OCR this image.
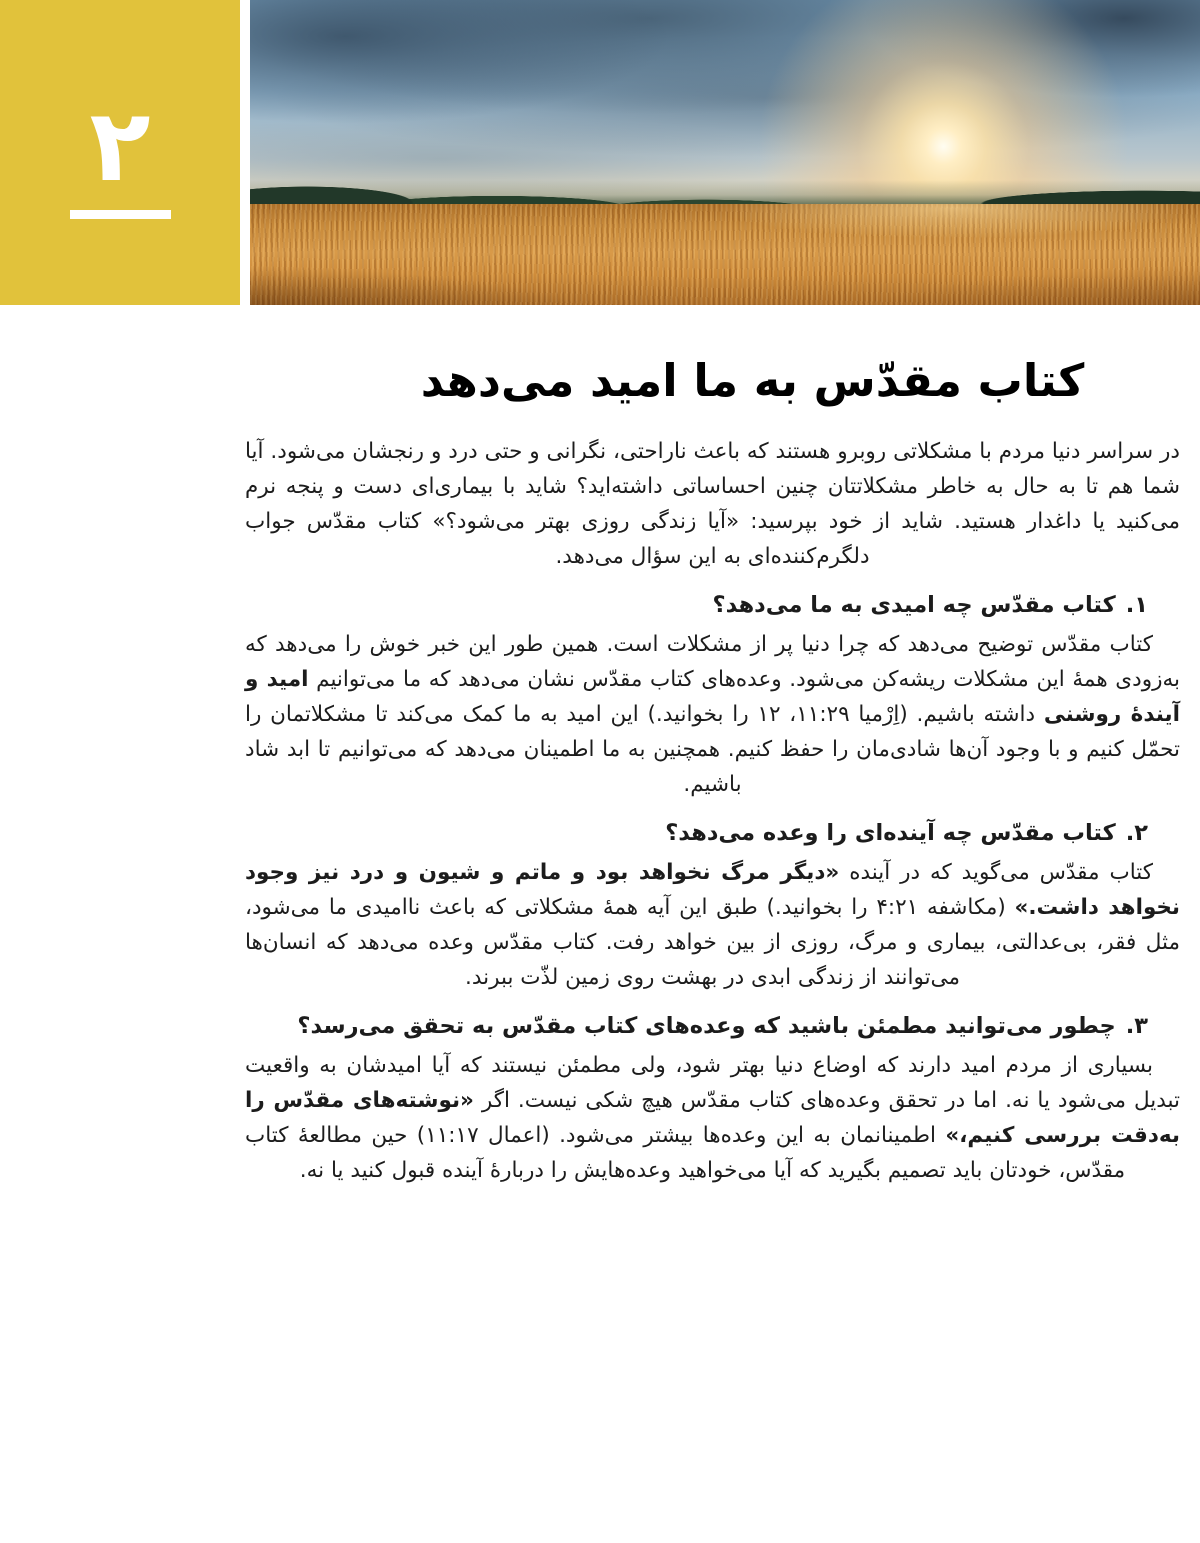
۲
کتاب مقدّس به ما امید می‌دهد

در سراسر دنیا مردم با مشکلاتی روبرو هستند که باعث ناراحتی، نگرانی و حتی درد و رنجشان می‌شود. آیا شما هم تا به حال به خاطر مشکلاتتان چنین احساساتی داشته‌اید؟ شاید با بیماری‌ای دست و پنجه نرم می‌کنید یا داغدار هستید. شاید از خود بپرسید: «آیا زندگی روزی بهتر می‌شود؟» کتاب مقدّس جواب دلگرم‌کننده‌ای به این سؤال می‌دهد.

۱.کتاب مقدّس چه امیدی به ما می‌دهد؟

کتاب مقدّس توضیح می‌دهد که چرا دنیا پر از مشکلات است. همین طور این خبر خوش را می‌دهد که به‌زودی همهٔ این مشکلات ریشه‌کن می‌شود. وعده‌های کتاب مقدّس نشان می‌دهد که ما می‌توانیم امید و آیندهٔ روشنی داشته باشیم. (اِرْمیا ۱۱:۲۹، ۱۲ را بخوانید.) این امید به ما کمک می‌کند تا مشکلاتمان را تحمّل کنیم و با وجود آن‌ها شادی‌مان را حفظ کنیم. همچنین به ما اطمینان می‌دهد که می‌توانیم تا ابد شاد باشیم.

۲.کتاب مقدّس چه آینده‌ای را وعده می‌دهد؟

کتاب مقدّس می‌گوید که در آینده «دیگر مرگ نخواهد بود و ماتم و شیون و درد نیز وجود نخواهد داشت.» (مکاشفه ۴:۲۱ را بخوانید.) طبق این آیه همهٔ مشکلاتی که باعث ناامیدی ما می‌شود، مثل فقر، بی‌عدالتی، بیماری و مرگ، روزی از بین خواهد رفت. کتاب مقدّس وعده می‌دهد که انسان‌ها می‌توانند از زندگی ابدی در بهشت روی زمین لذّت ببرند.

۳.چطور می‌توانید مطمئن باشید که وعده‌های کتاب مقدّس به تحقق می‌رسد؟

بسیاری از مردم امید دارند که اوضاع دنیا بهتر شود، ولی مطمئن نیستند که آیا امیدشان به واقعیت تبدیل می‌شود یا نه. اما در تحقق وعده‌های کتاب مقدّس هیچ شکی نیست. اگر «نوشته‌های مقدّس را به‌دقت بررسی کنیم،» اطمینانمان به این وعده‌ها بیشتر می‌شود. (اعمال ۱۱:۱۷) حین مطالعهٔ کتاب مقدّس، خودتان باید تصمیم بگیرید که آیا می‌خواهید وعده‌هایش را دربارهٔ آینده قبول کنید یا نه.
